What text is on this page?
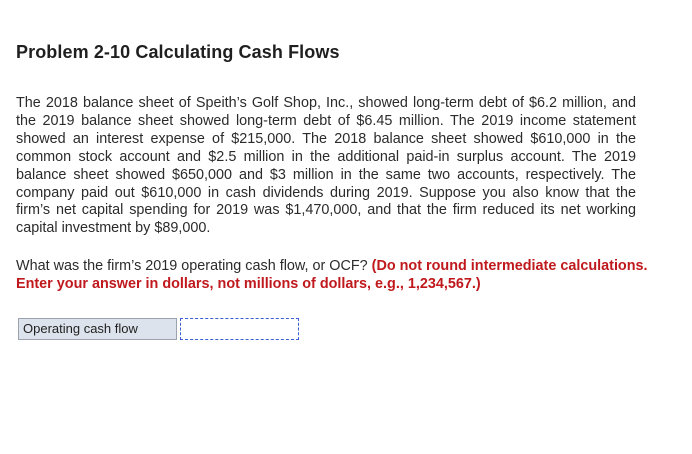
Problem 2-10 Calculating Cash Flows

The 2018 balance sheet of Speith’s Golf Shop, Inc., showed long-term debt of $6.2 million, and the 2019 balance sheet showed long-term debt of $6.45 million. The 2019 income statement showed an interest expense of $215,000. The 2018 balance sheet showed $610,000 in the common stock account and $2.5 million in the additional paid-in surplus account. The 2019 balance sheet showed $650,000 and $3 million in the same two accounts, respectively. The company paid out $610,000 in cash dividends during 2019. Suppose you also know that the firm’s net capital spending for 2019 was $1,470,000, and that the firm reduced its net working capital investment by $89,000.

What was the firm’s 2019 operating cash flow, or OCF? (Do not round intermediate calculations. Enter your answer in dollars, not millions of dollars, e.g., 1,234,567.)

Operating cash flow
